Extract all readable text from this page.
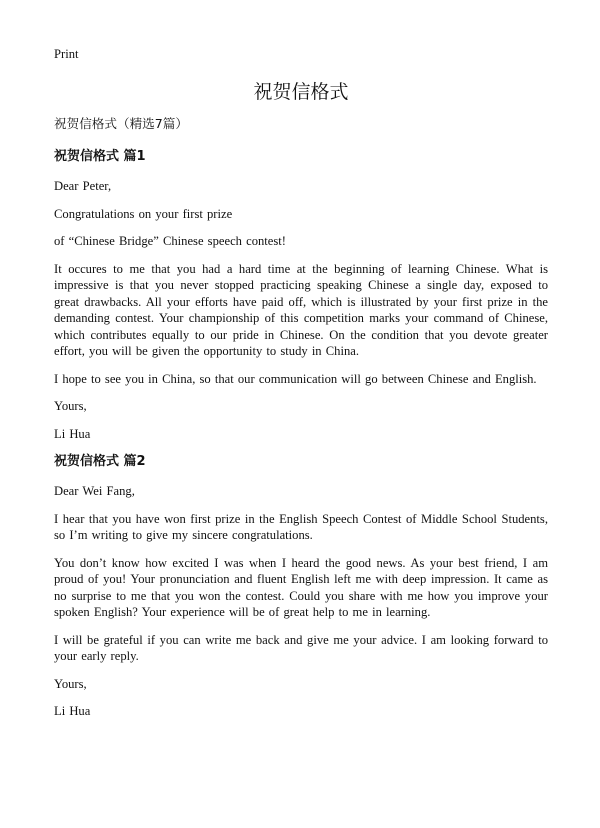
Print
祝贺信格式

祝贺信格式（精选7篇）

祝贺信格式 篇1

Dear Peter,

Congratulations on your first prize

of “Chinese Bridge” Chinese speech contest!

It occures to me that you had a hard time at the beginning of learning Chinese. What is impressive is that you never stopped practicing speaking Chinese a single day, exposed to great drawbacks. All your efforts have paid off, which is illustrated by your first prize in the demanding contest. Your championship of this competition marks your command of Chinese, which contributes equally to our pride in Chinese. On the condition that you devote greater effort, you will be given the opportunity to study in China.

I hope to see you in China, so that our communication will go between Chinese and English.

Yours,

Li Hua

祝贺信格式 篇2

Dear Wei Fang,

I hear that you have won first prize in the English Speech Contest of Middle School Students, so I’m writing to give my sincere congratulations.

You don’t know how excited I was when I heard the good news. As your best friend, I am proud of you! Your pronunciation and fluent English left me with deep impression. It came as no surprise to me that you won the contest. Could you share with me how you improve your spoken English? Your experience will be of great help to me in learning.

I will be grateful if you can write me back and give me your advice. I am looking forward to your early reply.

Yours,

Li Hua
